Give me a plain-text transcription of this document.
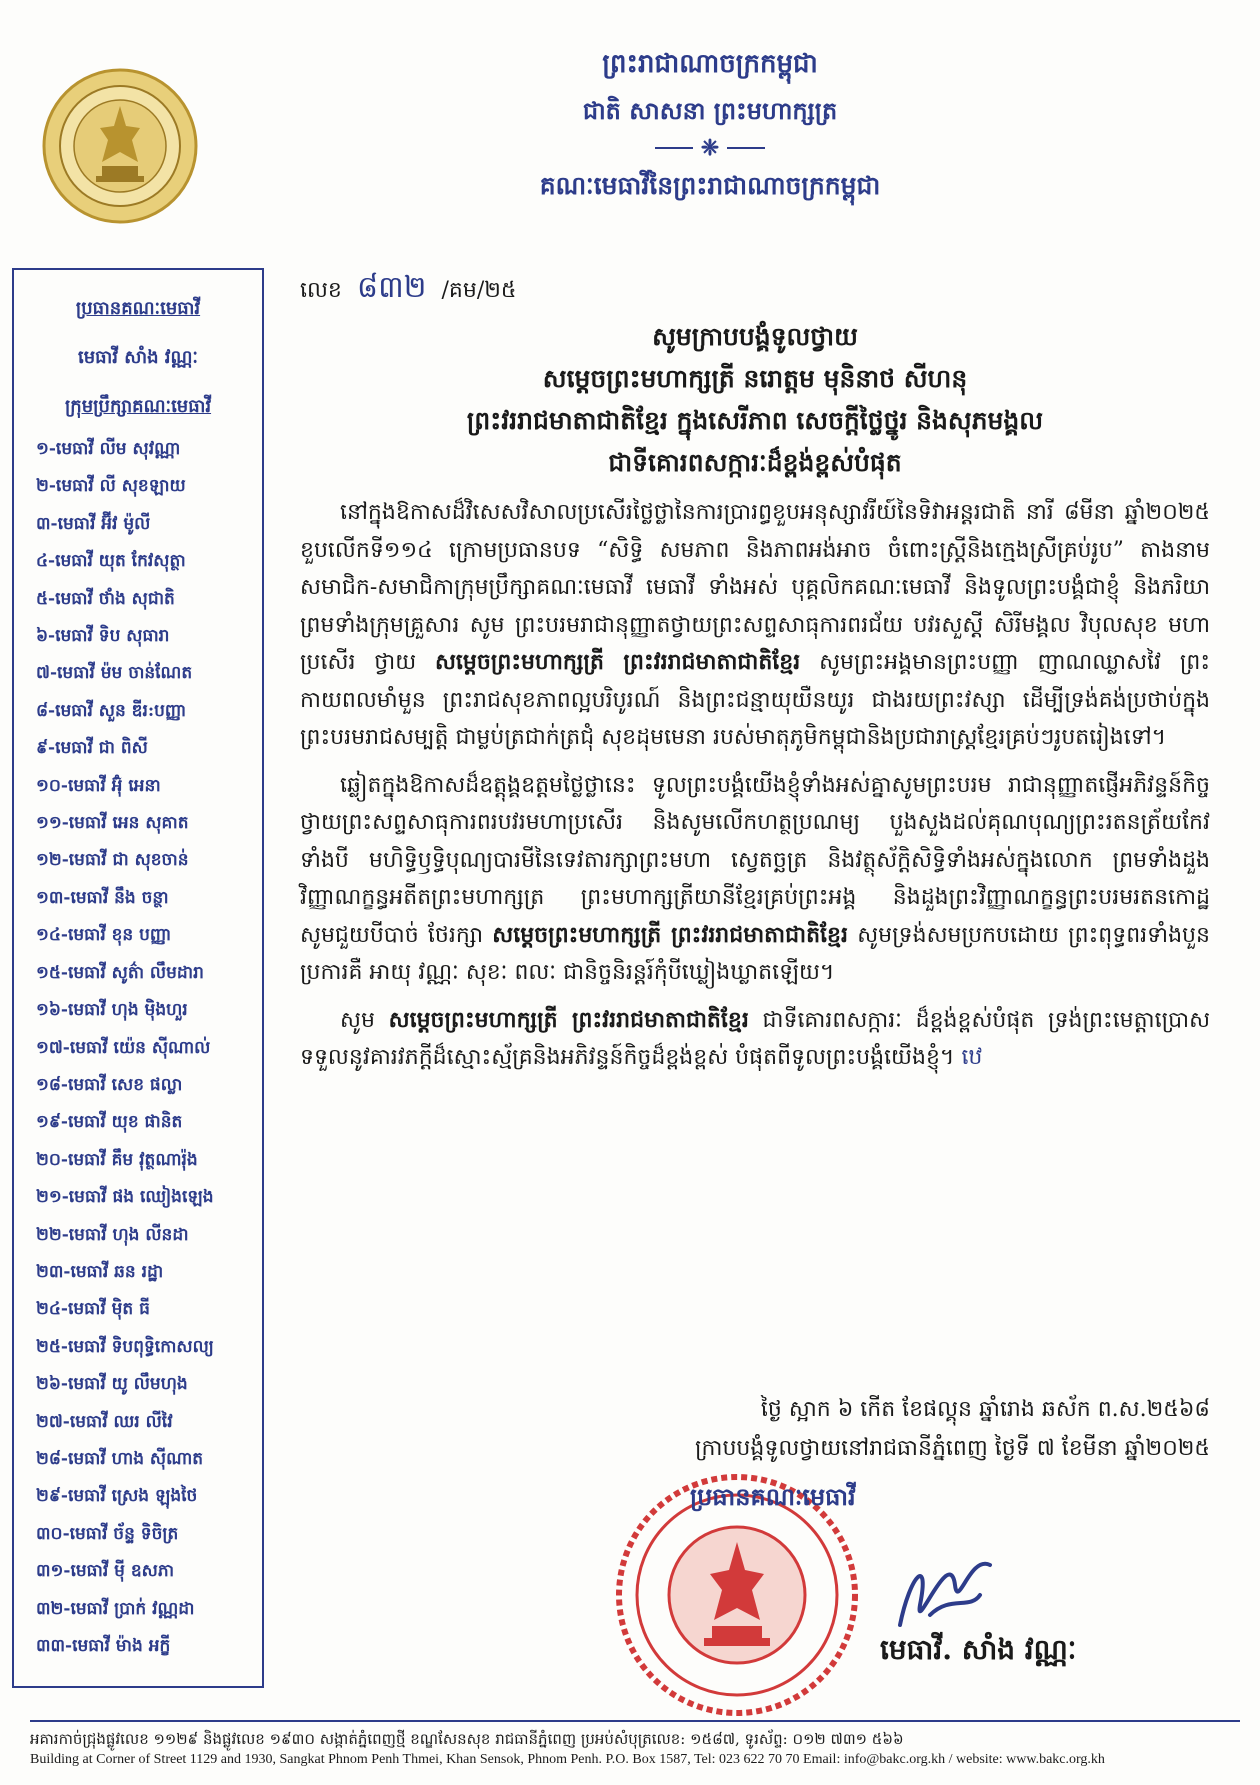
ព្រះរាជាណាចក្រកម្ពុជា
ជាតិ សាសនា ព្រះមហាក្សត្រ
❈
គណៈមេធាវីនៃព្រះរាជាណាចក្រកម្ពុជា
ប្រធានគណៈមេធាវី
មេធាវី សាំង វណ្ណៈ
ក្រុមប្រឹក្សាគណៈមេធាវី
១-មេធាវី លីម សុវណ្ណា
២-មេធាវី លី សុខឡាយ
៣-មេធាវី អ៊ីវ ម៉ូលី
៤-មេធាវី យុត កែវសុត្ថា
៥-មេធាវី ថាំង សុជាតិ
៦-មេធាវី ទិប សុធារា
៧-មេធាវី ម៉ម ចាន់ណែត
៨-មេធាវី សួន ឌីរ:បញ្ញា
៩-មេធាវី ជា ពិសី
១០-មេធាវី អ៊ុំ អេនា
១១-មេធាវី អេន សុគាត
១២-មេធាវី ជា សុខចាន់
១៣-មេធាវី នឹង ចន្ថា
១៤-មេធាវី ខុន បញ្ញា
១៥-មេធាវី សូត៌ា លឹមដារា
១៦-មេធាវី ហុង ម៉ិងហួរ
១៧-មេធាវី យ៉េន ស៊ីណាល់
១៨-មេធាវី សេខ ផល្លា
១៩-មេធាវី យុខ ផានិត
២០-មេធាវី គឹម វុត្ថណារ៉ុង
២១-មេធាវី ផង ឈៀងឡេង
២២-មេធាវី ហុង លីនដា
២៣-មេធាវី ឆន រដ្ឋា
២៤-មេធាវី ម៉ិត ធី
២៥-មេធាវី ទិបពុទ្ធិកោសល្យ
២៦-មេធាវី យូ លឹមហុង
២៧-មេធាវី ឈរ លីវៃ
២៨-មេធាវី ហាង ស៊ីណាត
២៩-មេធាវី ស្រេង ឡុងថៃ
៣០-មេធាវី ច័ន្ទ ទិចិត្រ
៣១-មេធាវី ម៉ី ឧសភា
៣២-មេធាវី ប្រាក់ វណ្ណដា
៣៣-មេធាវី ម៉ាង អក្ខី
លេខ ៨៣២ /គម/២៥
សូមក្រាបបង្គំទូលថ្វាយ
សម្តេចព្រះមហាក្សត្រី នរោត្តម មុនិនាថ សីហនុ
ព្រះវររាជមាតាជាតិខ្មែរ ក្នុងសេរីភាព សេចក្តីថ្លៃថ្នូរ និងសុភមង្គល
ជាទីគោរពសក្ការៈដ៏ខ្ពង់ខ្ពស់បំផុត

នៅក្នុងឱកាសដ៏វិសេសវិសាលប្រសើរថ្លៃថ្លានៃការប្រារព្ធខួបអនុស្សាវរីយ៍នៃទិវាអន្តរជាតិ នារី ៨មីនា ឆ្នាំ២០២៥ ខួបលើកទី១១៤ ក្រោមប្រធានបទ “សិទ្ធិ សមភាព និងភាពអង់អាច ចំពោះស្ត្រីនិងក្មេងស្រីគ្រប់រូប” តាងនាមសមាជិក-សមាជិកាក្រុមប្រឹក្សាគណៈមេធាវី មេធាវី ទាំងអស់ បុគ្គលិកគណៈមេធាវី និងទូលព្រះបង្គំជាខ្ញុំ និងភរិយា ព្រមទាំងក្រុមគ្រួសារ សូម ព្រះបរមរាជានុញ្ញាតថ្វាយព្រះសព្ទសាធុការពរជ័យ បវរសួស្តី សិរីមង្គល វិបុលសុខ មហាប្រសើរ ថ្វាយ សម្តេចព្រះមហាក្សត្រី ព្រះវររាជមាតាជាតិខ្មែរ សូមព្រះអង្គមានព្រះបញ្ញា ញាណឈ្លាសវៃ ព្រះកាយពលមាំមួន ព្រះរាជសុខភាពល្អបរិបូរណ៍ និងព្រះជន្មាយុយឺនយូរ ជាងរយព្រះវស្សា ដើម្បីទ្រង់គង់ប្រថាប់ក្នុងព្រះបរមរាជសម្បត្តិ ជាម្លប់ត្រជាក់ត្រជុំ សុខដុមមេនា របស់មាតុភូមិកម្ពុជានិងប្រជារាស្ត្រខ្មែរគ្រប់ៗរូបតរៀងទៅ។

ឆ្លៀតក្នុងឱកាសដ៏ឧត្តុង្គឧត្តមថ្លៃថ្លានេះ ទូលព្រះបង្គំយើងខ្ញុំទាំងអស់គ្នាសូមព្រះបរម រាជានុញ្ញាតផ្ញើអភិវន្ទន៍កិច្ចថ្វាយព្រះសព្ទសាធុការពរបវរមហាប្រសើរ និងសូមលើកហត្ថប្រណម្យ បួងសួងដល់គុណបុណ្យព្រះរតនត្រ័យកែវទាំងបី មហិទ្ធិឫទ្ធិបុណ្យបារមីនៃទេវតារក្សាព្រះមហា ស្វេតច្ឆត្រ និងវត្ថុស័ក្តិសិទ្ធិទាំងអស់ក្នុងលោក ព្រមទាំងដួងវិញ្ញាណក្ខន្ធអតីតព្រះមហាក្សត្រ ព្រះមហាក្សត្រីយានីខ្មែរគ្រប់ព្រះអង្គ និងដួងព្រះវិញ្ញាណក្ខន្ធព្រះបរមរតនកោដ្ឋ សូមជួយបីបាច់ ថែរក្សា សម្តេចព្រះមហាក្សត្រី ព្រះវររាជមាតាជាតិខ្មែរ សូមទ្រង់សមប្រកបដោយ ព្រះពុទ្ធពរទាំងបួនប្រការគឺ អាយុ វណ្ណៈ សុខៈ ពលៈ ជានិច្ចនិរន្តរ៍កុំបីឃ្លៀងឃ្លាតឡើយ។

សូម សម្តេចព្រះមហាក្សត្រី ព្រះវររាជមាតាជាតិខ្មែរ ជាទីគោរពសក្ការៈ ដ៏ខ្ពង់ខ្ពស់បំផុត ទ្រង់ព្រះមេត្តាប្រោសទទួលនូវគារវភក្តីដ៏ស្មោះស្ម័គ្រនិងអភិវន្ទន៍កិច្ចដ៏ខ្ពង់ខ្ពស់ បំផុតពីទូលព្រះបង្គំយើងខ្ញុំ។ ឋេ

ថ្ងៃ ស្អាក ៦ កើត ខែផល្គុន ឆ្នាំរោង ឆស័ក ព.ស.២៥៦៨
ក្រាបបង្គំទូលថ្វាយនៅរាជធានីភ្នំពេញ ថ្ងៃទី ៧ ខែមីនា ឆ្នាំ២០២៥
ប្រធានគណៈមេធាវី
មេធាវី. សាំង វណ្ណៈ
អគារកាច់ជ្រុងផ្លូវលេខ ១១២៩ និងផ្លូវលេខ ១៩៣០ សង្កាត់ភ្នំពេញថ្មី ខណ្ឌសែនសុខ រាជធានីភ្នំពេញ ប្រអប់សំបុត្រលេខ: ១៥៨៧, ទូរស័ព្ទ: ០១២ ៧៣១ ៥៦៦
Building at Corner of Street 1129 and 1930, Sangkat Phnom Penh Thmei, Khan Sensok, Phnom Penh. P.O. Box 1587, Tel: 023 622 70 70 Email: info@bakc.org.kh / website: www.bakc.org.kh
